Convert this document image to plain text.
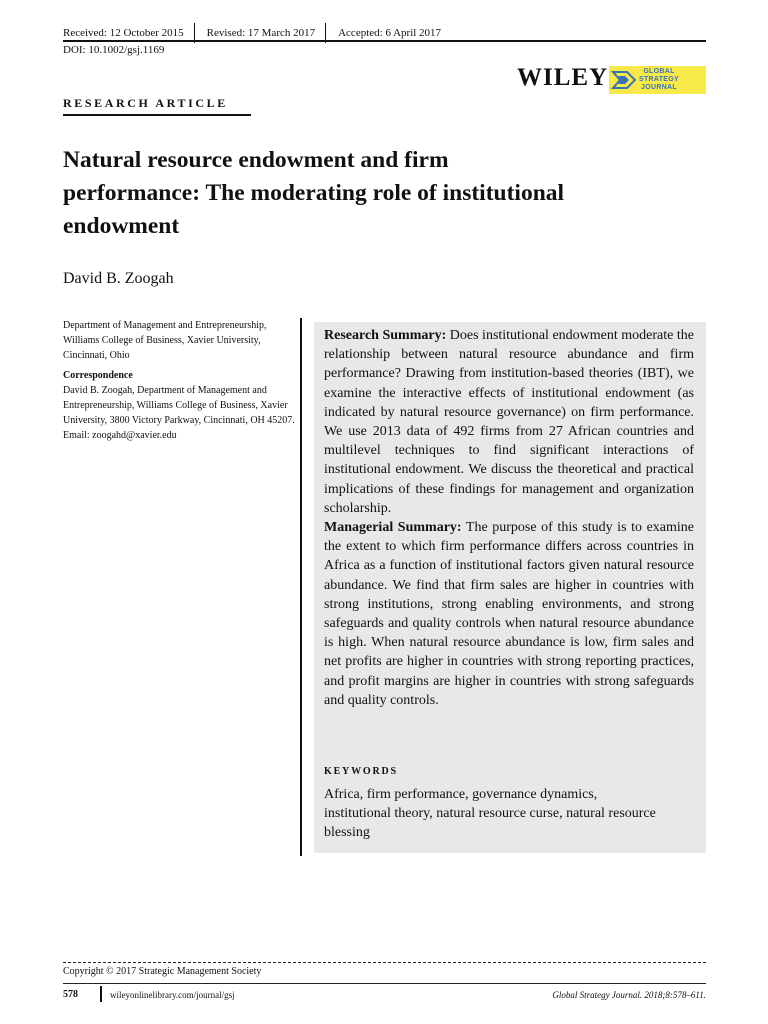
Received: 12 October 2015	Revised: 17 March 2017	Accepted: 6 April 2017
DOI: 10.1002/gsj.1169
WILEY	GLOBAL
STRATEGY
JOURNAL
RESEARCH ARTICLE
Natural resource endowment and firm performance: The moderating role of institutional endowment
David B. Zoogah

Department of Management and Entrepreneurship, Williams College of Business, Xavier University, Cincinnati, Ohio

Correspondence

David B. Zoogah, Department of Management and Entrepreneurship, Williams College of Business, Xavier University, 3800 Victory Parkway, Cincinnati, OH 45207.

Email: zoogahd@xavier.edu

Research Summary: Does institutional endowment moderate the relationship between natural resource abundance and firm performance? Drawing from institution-based theories (IBT), we examine the interactive effects of institutional endowment (as indicated by natural resource governance) on firm performance. We use 2013 data of 492 firms from 27 African countries and multilevel techniques to find significant interactions of institutional endowment. We discuss the theoretical and practical implications of these findings for management and organization scholarship.

Managerial Summary: The purpose of this study is to examine the extent to which firm performance differs across countries in Africa as a function of institutional factors given natural resource abundance. We find that firm sales are higher in countries with strong institutions, strong enabling environments, and strong safeguards and quality controls when natural resource abundance is high. When natural resource abundance is low, firm sales and net profits are higher in countries with strong reporting practices, and profit margins are higher in countries with strong safeguards and quality controls.

KEYWORDS
Africa, firm performance, governance dynamics, institutional theory, natural resource curse, natural resource blessing
Copyright © 2017 Strategic Management Society
578	wileyonlinelibrary.com/journal/gsj	Global Strategy Journal. 2018;8:578–611.
